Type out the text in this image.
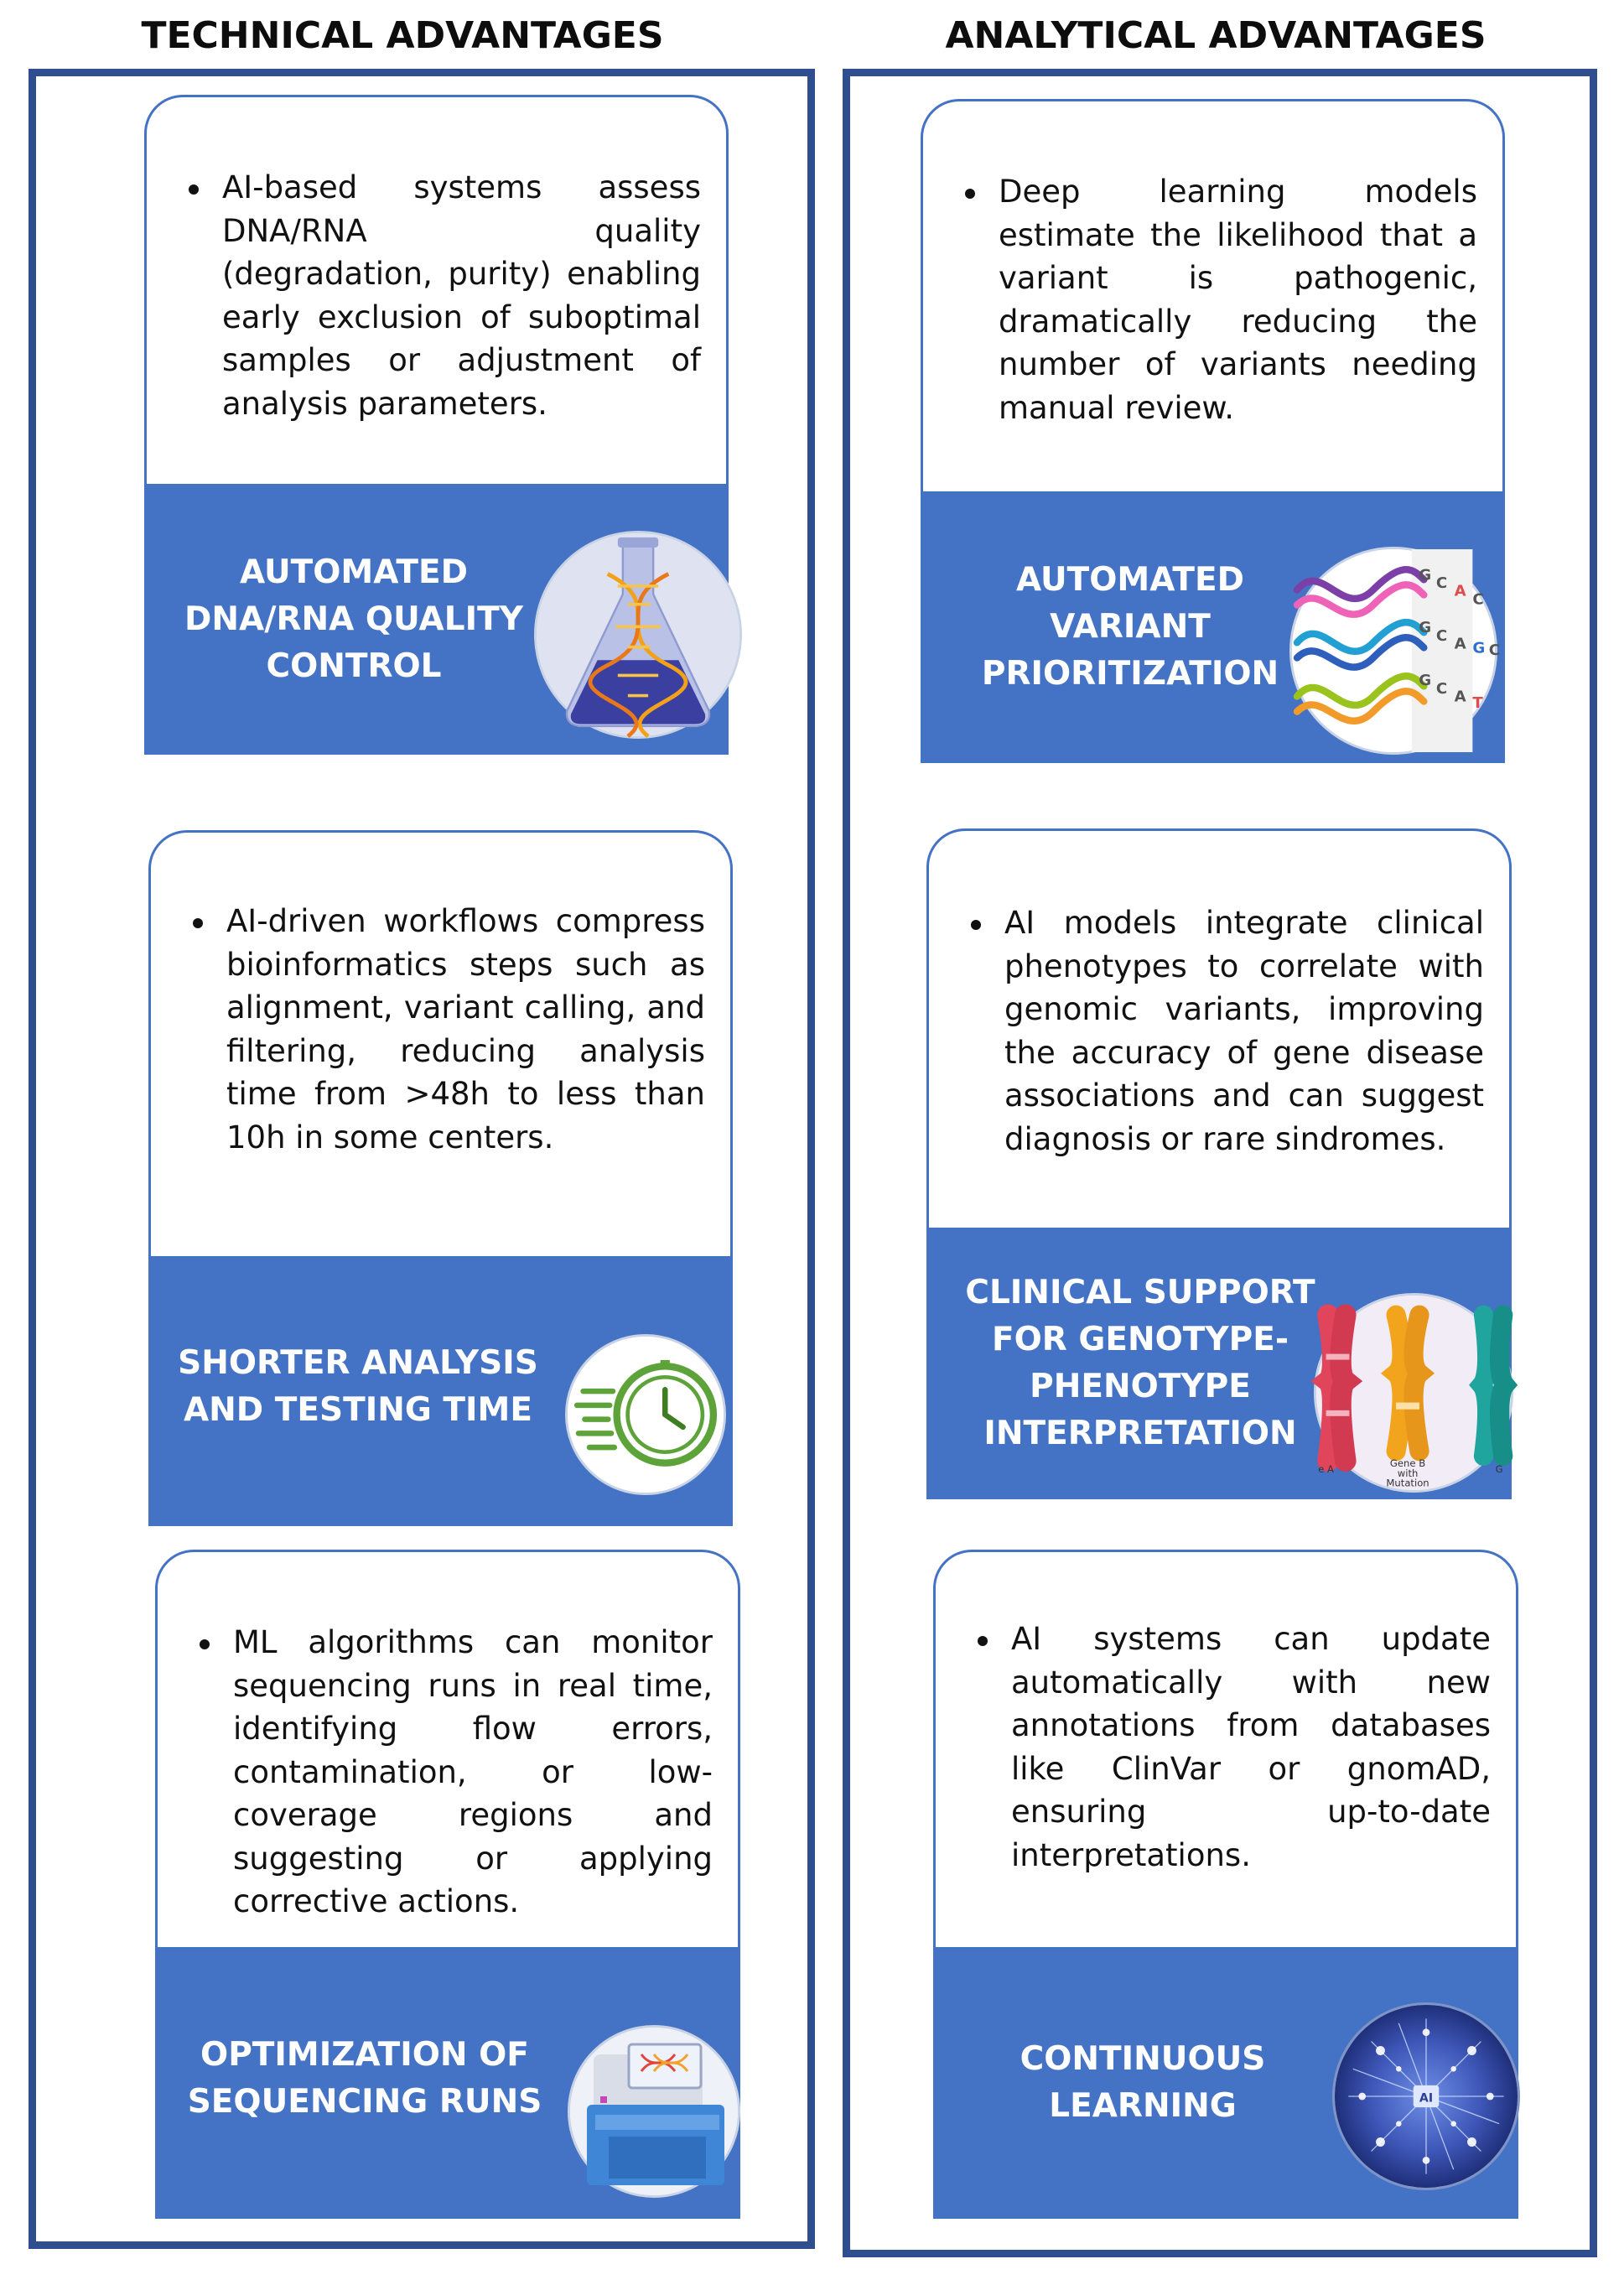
TECHNICAL ADVANTAGES	ANALYTICAL ADVANTAGES
AI-based systems assess DNA/RNA quality (degradation, purity) enabling early exclusion of suboptimal samples or adjustment of analysis parameters.
AUTOMATED
DNA/RNA QUALITY
CONTROL
AI-driven workflows compress bioinformatics steps such as alignment, variant calling, and filtering, reducing analysis time from >48h to less than 10h in some centers.
SHORTER ANALYSIS
AND TESTING TIME
ML algorithms can monitor sequencing runs in real time, identifying flow errors, contamination, or low-coverage regions and suggesting or applying corrective actions.
OPTIMIZATION OF
SEQUENCING RUNS
Deep learning models estimate the likelihood that a variant is pathogenic, dramatically reducing the number of variants needing manual review.
AUTOMATED
VARIANT
PRIORITIZATION
G C A C
G C A G C
G C A T
AI models integrate clinical phenotypes to correlate with genomic variants, improving the accuracy of gene disease associations and can suggest diagnosis or rare sindromes.
CLINICAL SUPPORT
FOR GENOTYPE-
PHENOTYPE
INTERPRETATION
e A	Gene B
with
Mutation
G
AI systems can update automatically with new annotations from databases like ClinVar or gnomAD, ensuring up-to-date interpretations.
CONTINUOUS
LEARNING	AI
